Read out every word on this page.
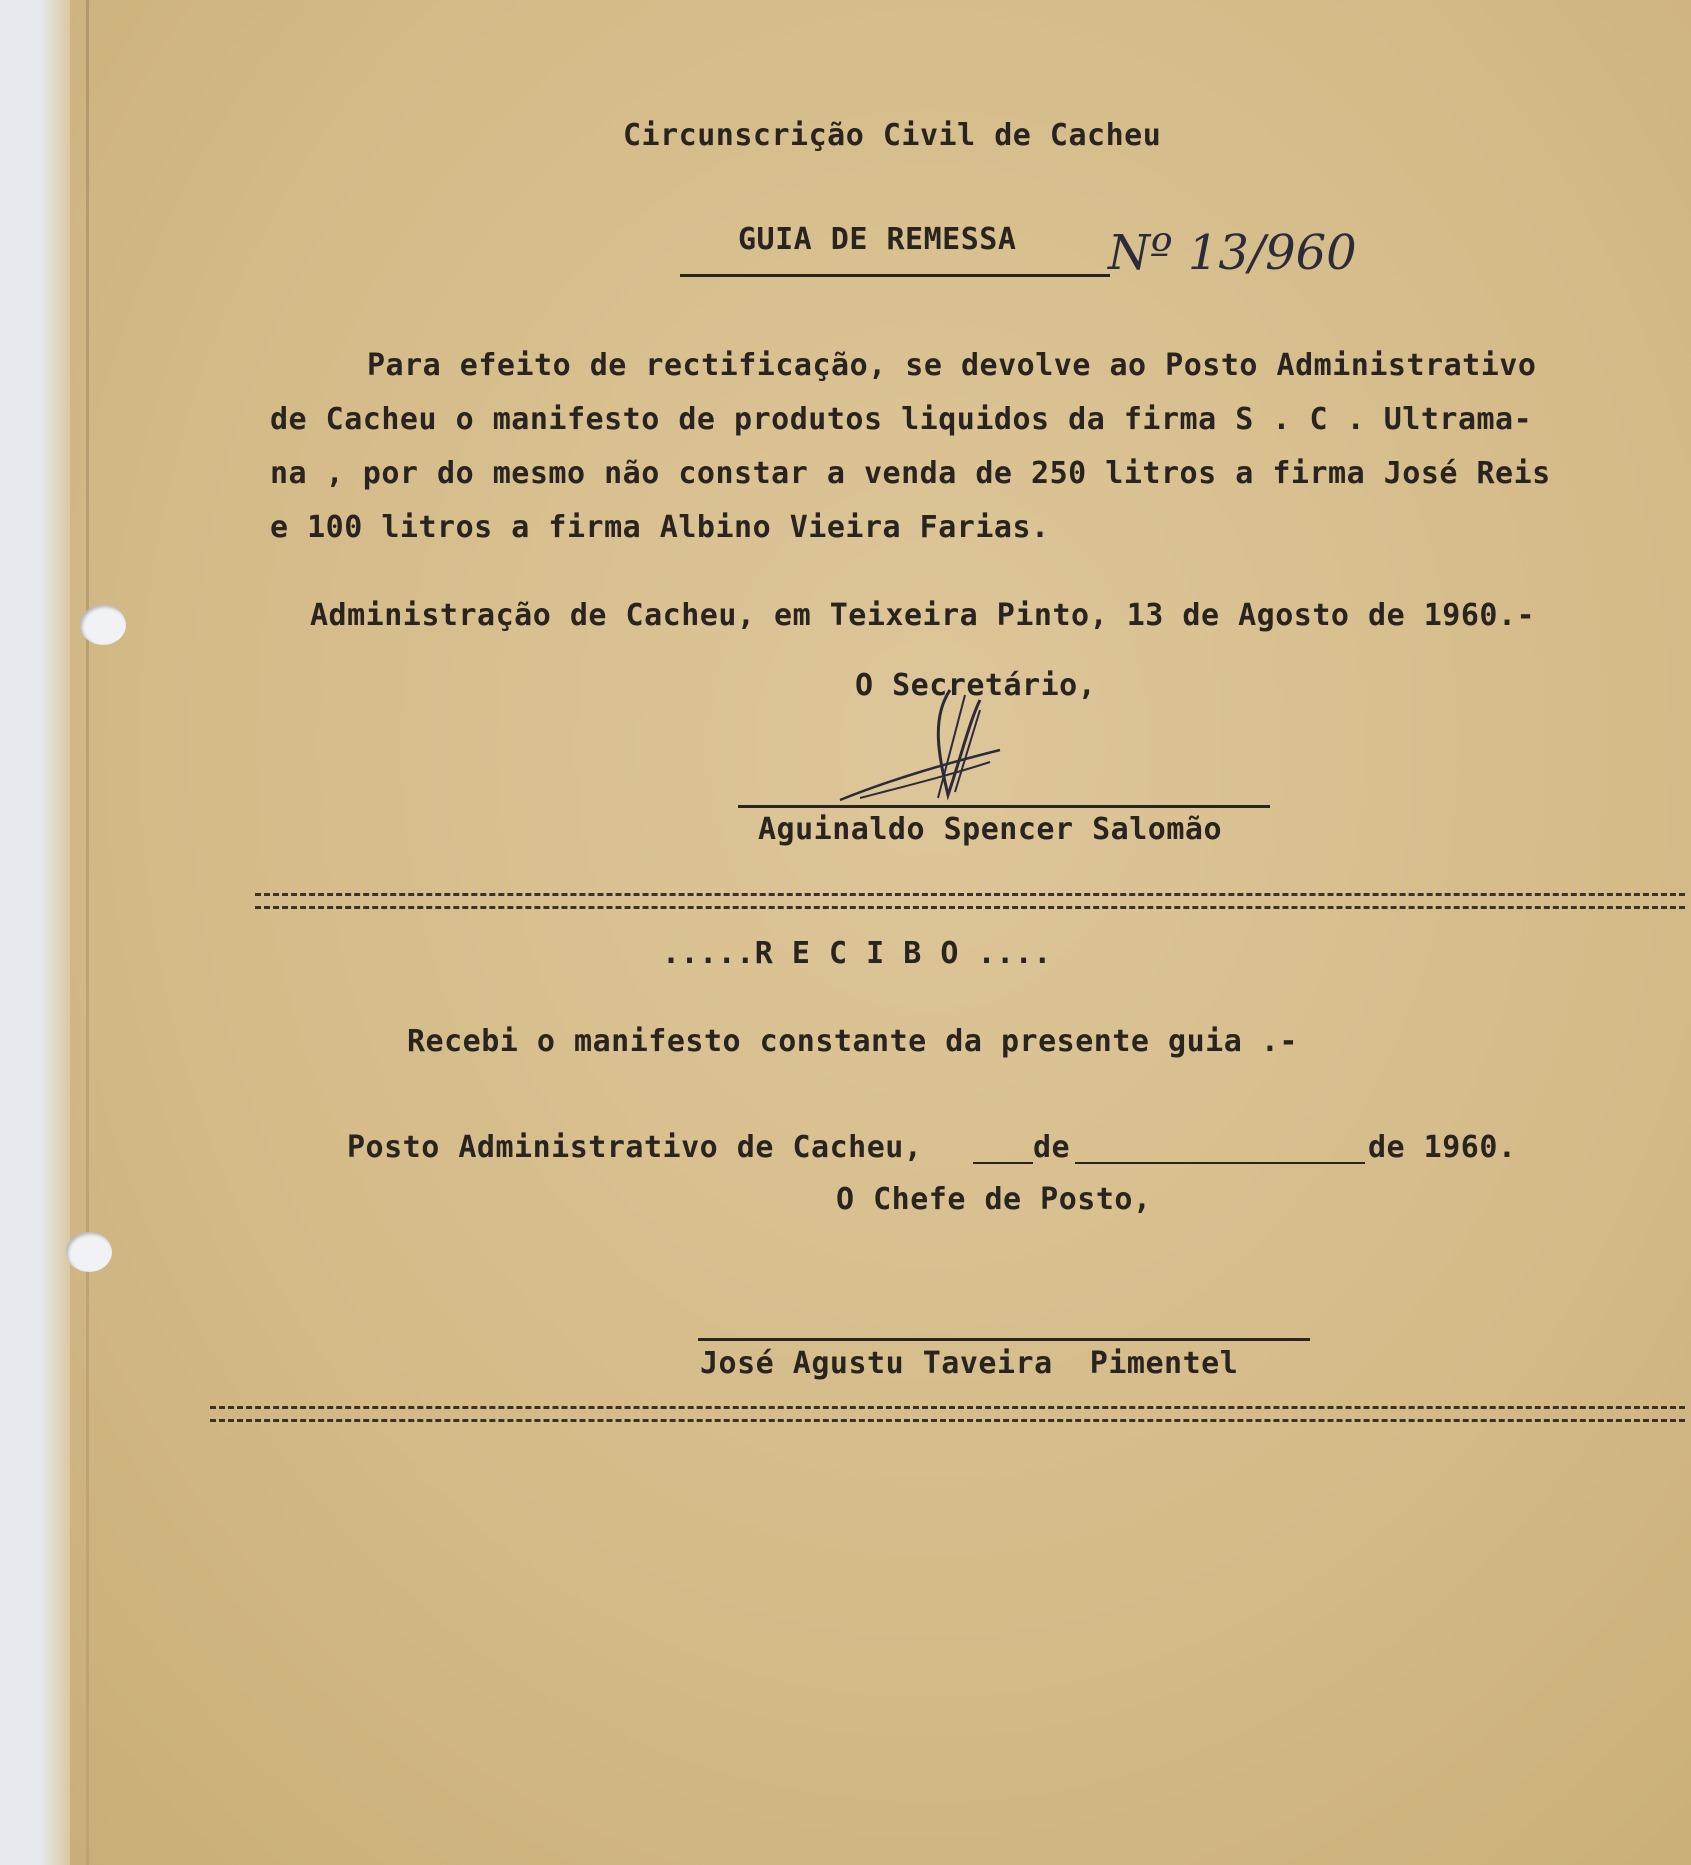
Circunscrição Civil de Cacheu
GUIA DE REMESSA Nº 13/960
Para efeito de rectificação, se devolve ao Posto Administrativo
de Cacheu o manifesto de produtos liquidos da firma S . C . Ultrama-
na , por do mesmo não constar a venda de 250 litros a firma José Reis
e 100 litros a firma Albino Vieira Farias.
Administração de Cacheu, em Teixeira Pinto, 13 de Agosto de 1960.-
O Secretário,
Aguinaldo Spencer Salomão
.....R E C I B O ....
Recebi o manifesto constante da presente guia .-
Posto Administrativo de Cacheu,	de	de 1960.
O Chefe de Posto,
José Agustu Taveira  Pimentel
